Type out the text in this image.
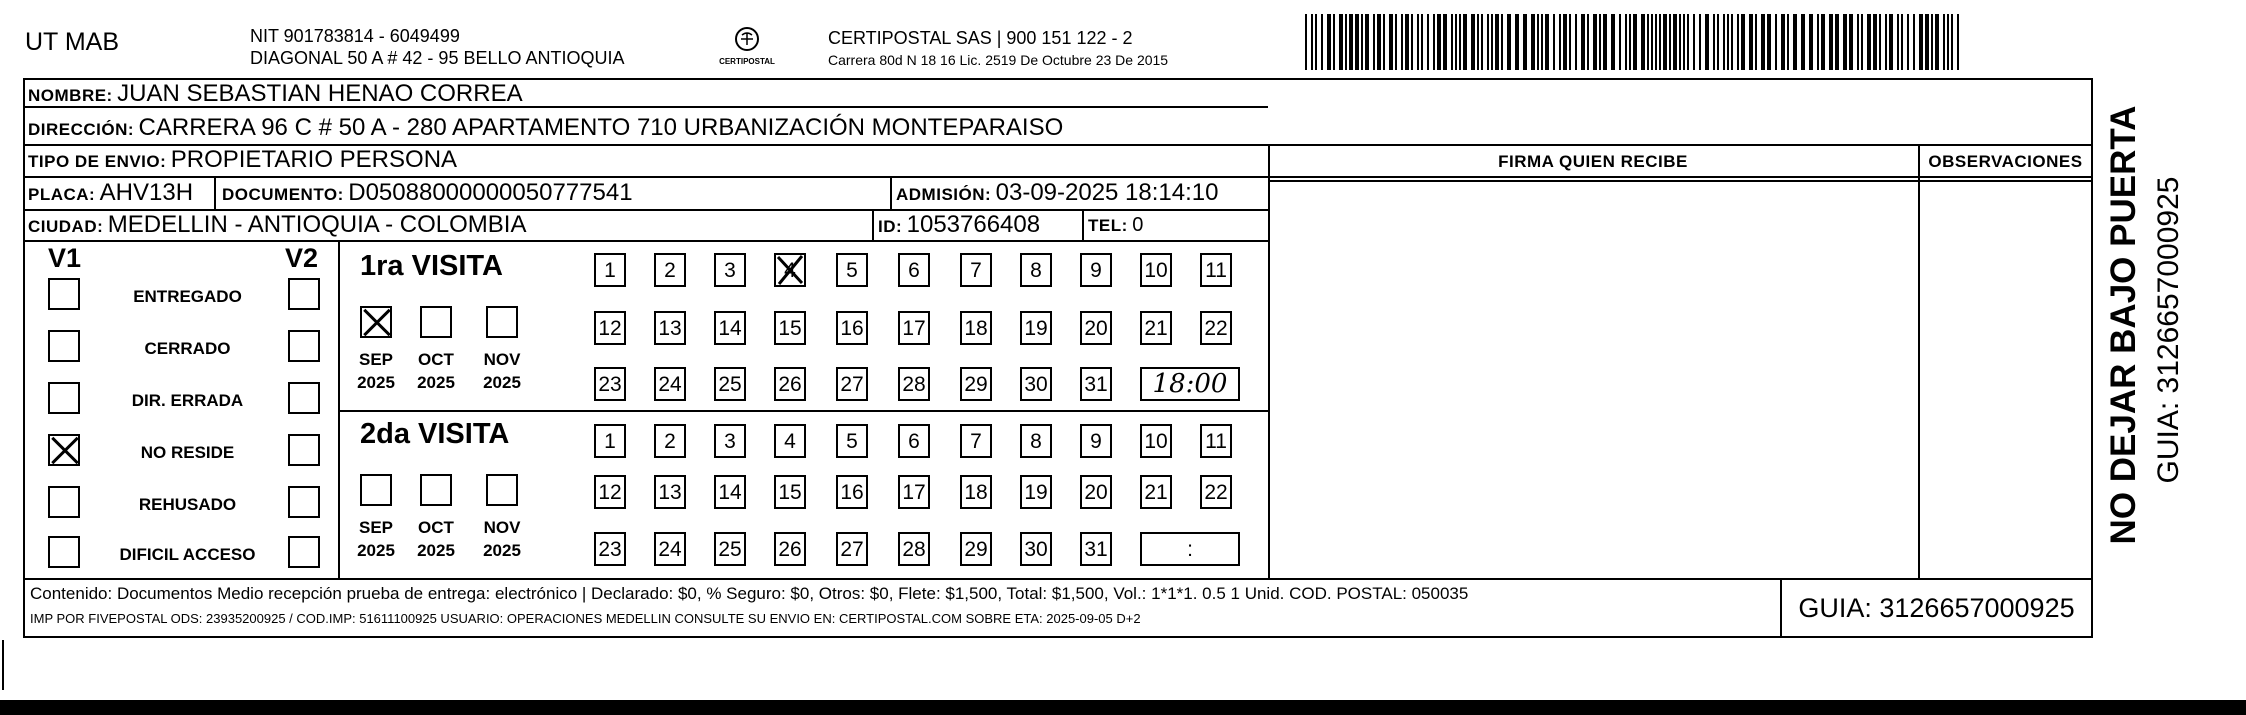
UT MAB	NIT 901783814 - 6049499
DIAGONAL 50 A # 42 - 95 BELLO ANTIOQUIA	CERTIPOSTAL
CERTIPOSTAL SAS | 900 151 122 - 2
Carrera 80d N 18 16 Lic. 2519 De Octubre 23 De 2015
NOMBRE: JUAN SEBASTIAN HENAO CORREA
DIRECCIÓN: CARRERA 96 C # 50 A - 280 APARTAMENTO 710 URBANIZACIÓN MONTEPARAISO
TIPO DE ENVIO: PROPIETARIO PERSONA
PLACA: AHV13H DOCUMENTO: D05088000000050777541	ADMISIÓN: 03-09-2025 18:14:10
CIUDAD: MEDELLIN - ANTIOQUIA - COLOMBIA	ID: 1053766408	TEL: 0
FIRMA QUIEN RECIBE	OBSERVACIONES
V1	V2
ENTREGADO
CERRADO
DIR. ERRADA
NO RESIDE
REHUSADO
DIFICIL ACCESO
1ra VISITA
2da VISITA
SEP
2025
OCT
2025
NOV
2025
1	2	3	4	5	6	7	8	9	10 11
12 13 14 15 16 17 18 19 20 21 22
23 24 25 26 27 28 29 30 31	18:00
SEP
2025
OCT
2025
NOV
2025
1	2	3	4	5	6	7	8	9	10 11
12 13 14 15 16 17 18 19 20 21 22
23 24 25 26 27 28 29 30 31	:
Contenido: Documentos Medio recepción prueba de entrega: electrónico | Declarado: $0, % Seguro: $0, Otros: $0, Flete: $1,500, Total: $1,500, Vol.: 1*1*1. 0.5 1 Unid. COD. POSTAL: 050035
IMP POR FIVEPOSTAL ODS: 23935200925 / COD.IMP: 51611100925 USUARIO: OPERACIONES MEDELLIN CONSULTE SU ENVIO EN: CERTIPOSTAL.COM SOBRE ETA: 2025-09-05 D+2	GUIA: 3126657000925
NO DEJAR BAJO PUERTA GUIA: 3126657000925
